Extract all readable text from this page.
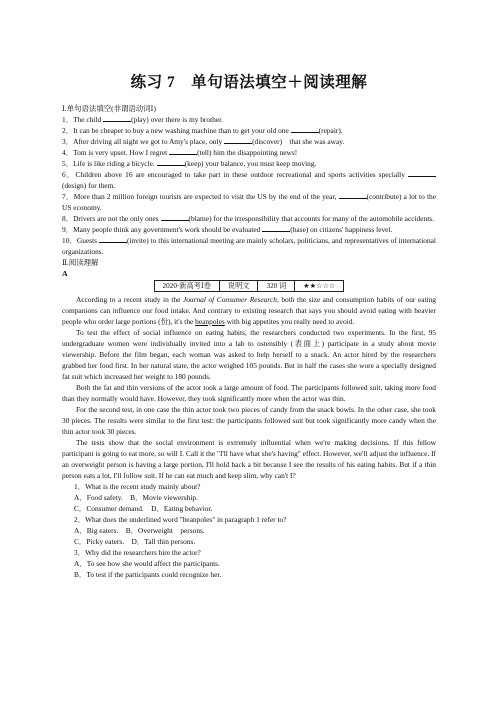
练习 7　单句语法填空＋阅读理解

Ⅰ.单句语法填空(非谓语动词Ⅰ)

1．The child	(play) over there is my brother.

2．It can be cheaper to buy a new washing machine than to get your old one	(repair).

3．After driving all night we got to Amy's place, only	(discover)　that she was away.

4．Tom is very upset. How I regret	(tell) him the disappointing news!

5．Life is like riding a bicycle.	(keep) your balance, you must keep moving.

6．Children above 16 are encouraged to take part in these outdoor recreational and sports activities specially (design) for them.

7．More than 2 million foreign tourists are expected to visit the US by the end of the year,	(contribute) a lot to the US economy.

8．Drivers are not the only ones	(blame) for the irresponsibility that accounts for many of the automobile accidents.

9．Many people think any government's work should be evaluated	(base) on citizens' happiness level.

10．Guests	(invite) to this international meeting are mainly scholars, politicians, and representatives of international organizations.

Ⅱ.阅读理解

A

2020·新高考Ⅰ卷	说明文	320 词	★★☆☆☆

According to a recent study in the Journal of Consumer Research, both the size and consumption habits of our eating companions can influence our food intake. And contrary to existing research that says you should avoid eating with heavier people who order large portions (份), it's the beanpoles with big appetites you really need to avoid.

To test the effect of social influence on eating habits, the researchers conducted two experiments. In the first, 95 undergraduate women were individually invited into a lab to ostensibly (表面上) participate in a study about movie viewership. Before the film began, each woman was asked to help herself to a snack. An actor hired by the researchers grabbed her food first. In her natural state, the actor weighed 105 pounds. But in half the cases she wore a specially designed fat suit which increased her weight to 180 pounds.

Both the fat and thin versions of the actor took a large amount of food. The participants followed suit, taking more food than they normally would have. However, they took significantly more when the actor was thin.

For the second test, in one case the thin actor took two pieces of candy from the snack bowls. In the other case, she took 30 pieces. The results were similar to the first test: the participants followed suit but took significantly more candy when the thin actor took 30 pieces.

The tests show that the social environment is extremely influential when we're making decisions. If this fellow participant is going to eat more, so will I. Call it the "I'll have what she's having" effect. However, we'll adjust the influence. If an overweight person is having a large portion, I'll hold back a bit because I see the results of his eating habits. But if a thin person eats a lot, I'll follow suit. If he can eat much and keep slim, why can't I?

1．What is the recent study mainly about?

A．Food safety.　B．Movie viewership.

C．Consumer demand.　D．Eating behavior.

2．What does the underlined word "beanpoles" in paragraph 1 refer to?

A．Big eaters.　B．Overweight　persons.

C．Picky eaters.　D．Tall thin persons.

3．Why did the researchers hire the actor?

A．To see how she would affect the participants.

B．To test if the participants could recognize her.
